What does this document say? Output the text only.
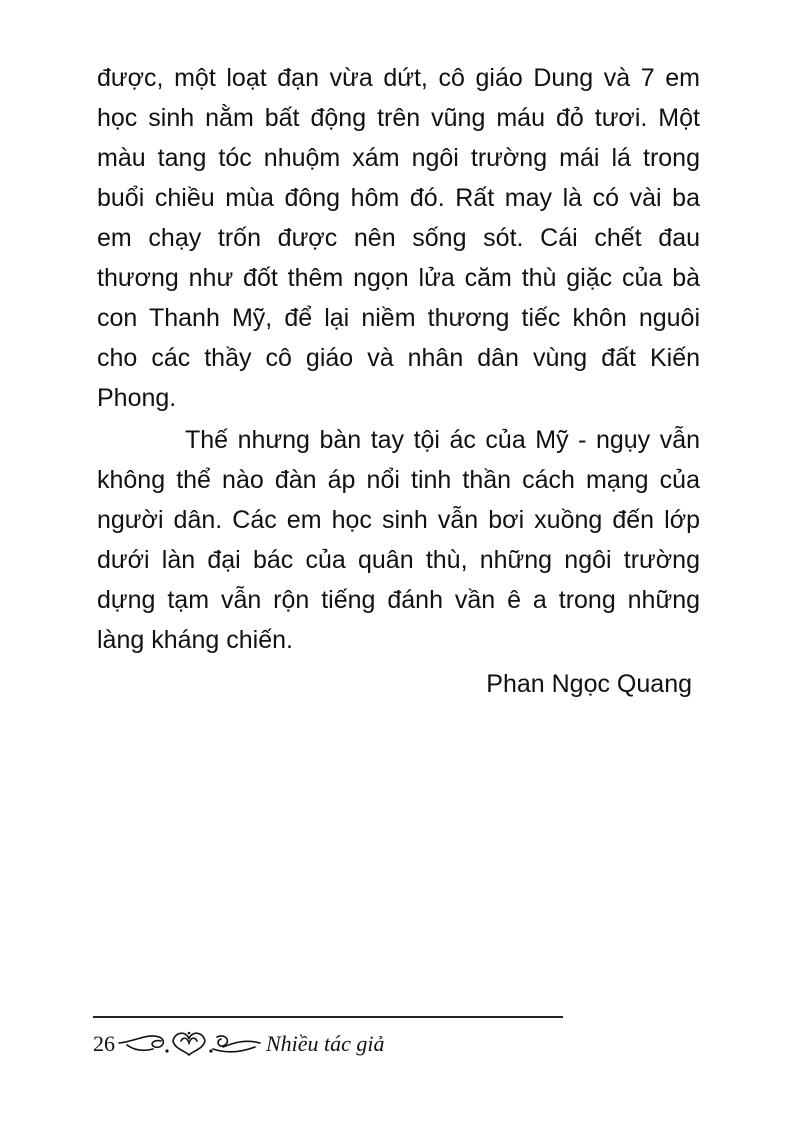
được, một loạt đạn vừa dứt, cô giáo Dung và 7 em học sinh nằm bất động trên vũng máu đỏ tươi. Một màu tang tóc nhuộm xám ngôi trường mái lá trong buổi chiều mùa đông hôm đó. Rất may là có vài ba em chạy trốn được nên sống sót. Cái chết đau thương như đốt thêm ngọn lửa căm thù giặc của bà con Thanh Mỹ, để lại niềm thương tiếc khôn nguôi cho các thầy cô giáo và nhân dân vùng đất Kiến Phong.

Thế nhưng bàn tay tội ác của Mỹ - ngụy vẫn không thể nào đàn áp nổi tinh thần cách mạng của người dân. Các em học sinh vẫn bơi xuồng đến lớp dưới làn đại bác của quân thù, những ngôi trường dựng tạm vẫn rộn tiếng đánh vần ê a trong những làng kháng chiến.

Phan Ngọc Quang
26	Nhiều tác giả
